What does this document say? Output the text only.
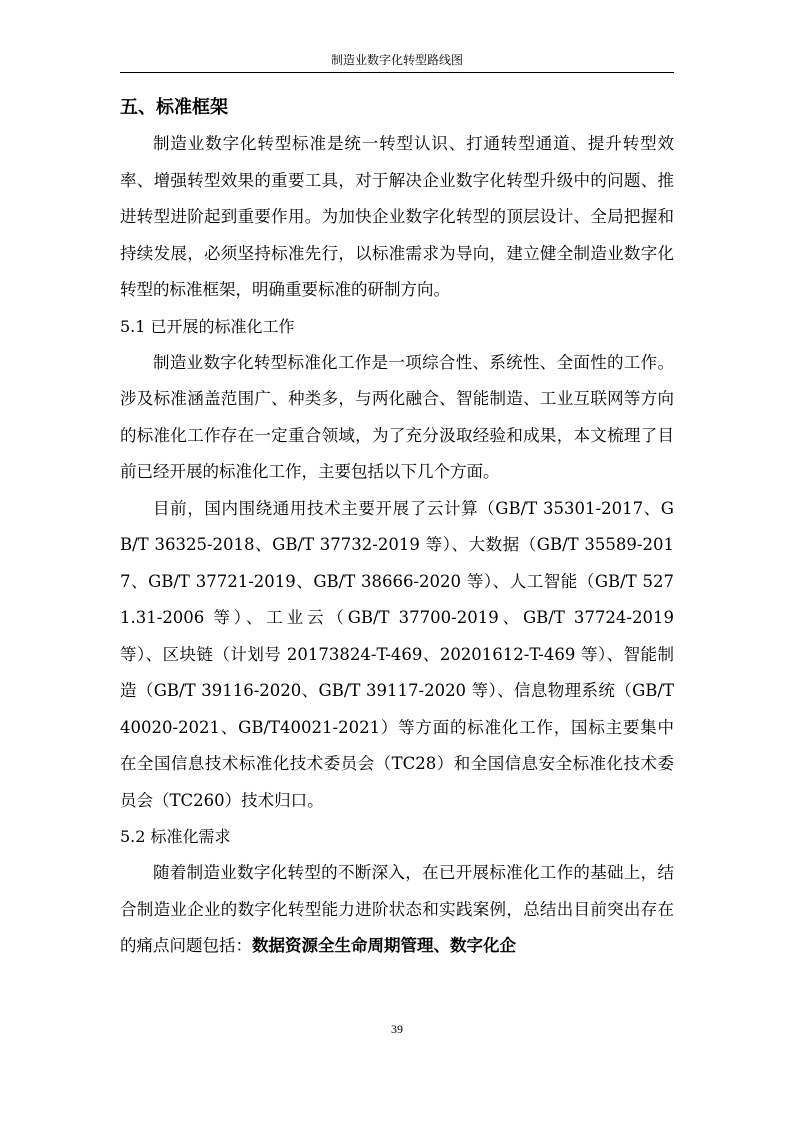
制造业数字化转型路线图
五、标准框架

制造业数字化转型标准是统一转型认识、打通转型通道、提升转型效率、增强转型效果的重要工具，对于解决企业数字化转型升级中的问题、推进转型进阶起到重要作用。为加快企业数字化转型的顶层设计、全局把握和持续发展，必须坚持标准先行，以标准需求为导向，建立健全制造业数字化转型的标准框架，明确重要标准的研制方向。

5.1 已开展的标准化工作

制造业数字化转型标准化工作是一项综合性、系统性、全面性的工作。涉及标准涵盖范围广、种类多，与两化融合、智能制造、工业互联网等方向的标准化工作存在一定重合领域，为了充分汲取经验和成果，本文梳理了目前已经开展的标准化工作，主要包括以下几个方面。

目前，国内围绕通用技术主要开展了云计算（GB/T 35301-2017、GB/T 36325-2018、GB/T 37732-2019 等）、大数据（GB/T 35589-2017、GB/T 37721-2019、GB/T 38666-2020 等）、人工智能（GB/T 5271.31-2006 等）、工业云（GB/T 37700-2019、GB/T 37724-2019 等）、区块链（计划号 20173824-T-469、20201612-T-469 等）、智能制造（GB/T 39116-2020、GB/T 39117-2020 等）、信息物理系统（GB/T40020-2021、GB/T40021-2021）等方面的标准化工作，国标主要集中在全国信息技术标准化技术委员会（TC28）和全国信息安全标准化技术委员会（TC260）技术归口。

5.2 标准化需求

随着制造业数字化转型的不断深入，在已开展标准化工作的基础上，结合制造业企业的数字化转型能力进阶状态和实践案例，总结出目前突出存在的痛点问题包括：数据资源全生命周期管理、数字化企

39
